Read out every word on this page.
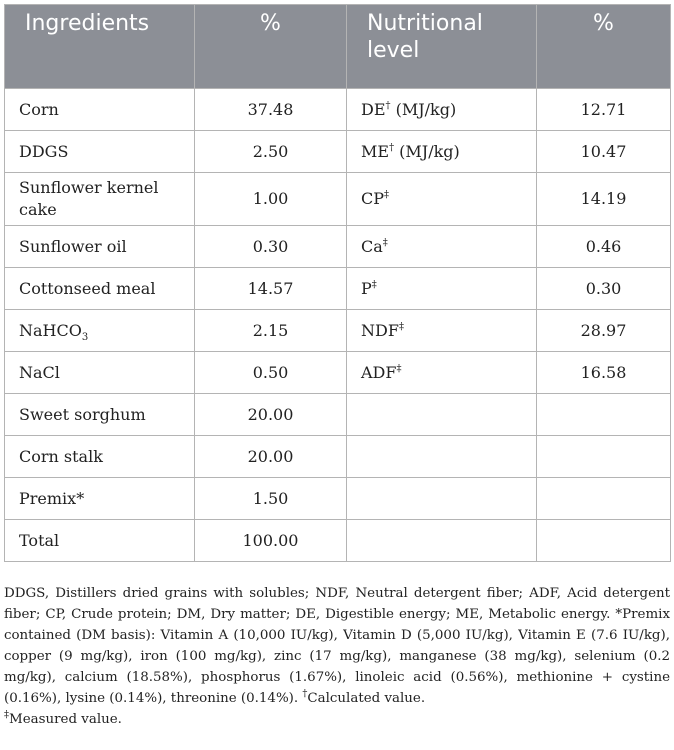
Ingredients	%	Nutritional level	%
Corn	37.48	DE† (MJ/kg)	12.71
DDGS	2.50	ME† (MJ/kg)	10.47
Sunflower kernel cake	1.00	CP‡	14.19
Sunflower oil	0.30	Ca‡	0.46
Cottonseed meal	14.57	P‡	0.30
NaHCO$_3$	2.15	NDF‡	28.97
NaCl	0.50	ADF‡	16.58
Sweet sorghum	20.00		
Corn stalk	20.00		
Premix*	1.50		
Total	100.00		
DDGS, Distillers dried grains with solubles; NDF, Neutral detergent fiber; ADF, Acid detergent fiber; CP, Crude protein; DM, Dry matter; DE, Digestible energy; ME, Metabolic energy. *Premix contained (DM basis): Vitamin A (10,000 IU/kg), Vitamin D (5,000 IU/kg), Vitamin E (7.6 IU/kg), copper (9 mg/kg), iron (100 mg/kg), zinc (17 mg/kg), manganese (38 mg/kg), selenium (0.2 mg/kg), calcium (18.58%), phosphorus (1.67%), linoleic acid (0.56%), methionine + cystine (0.16%), lysine (0.14%), threonine (0.14%). †Calculated value.
‡Measured value.
